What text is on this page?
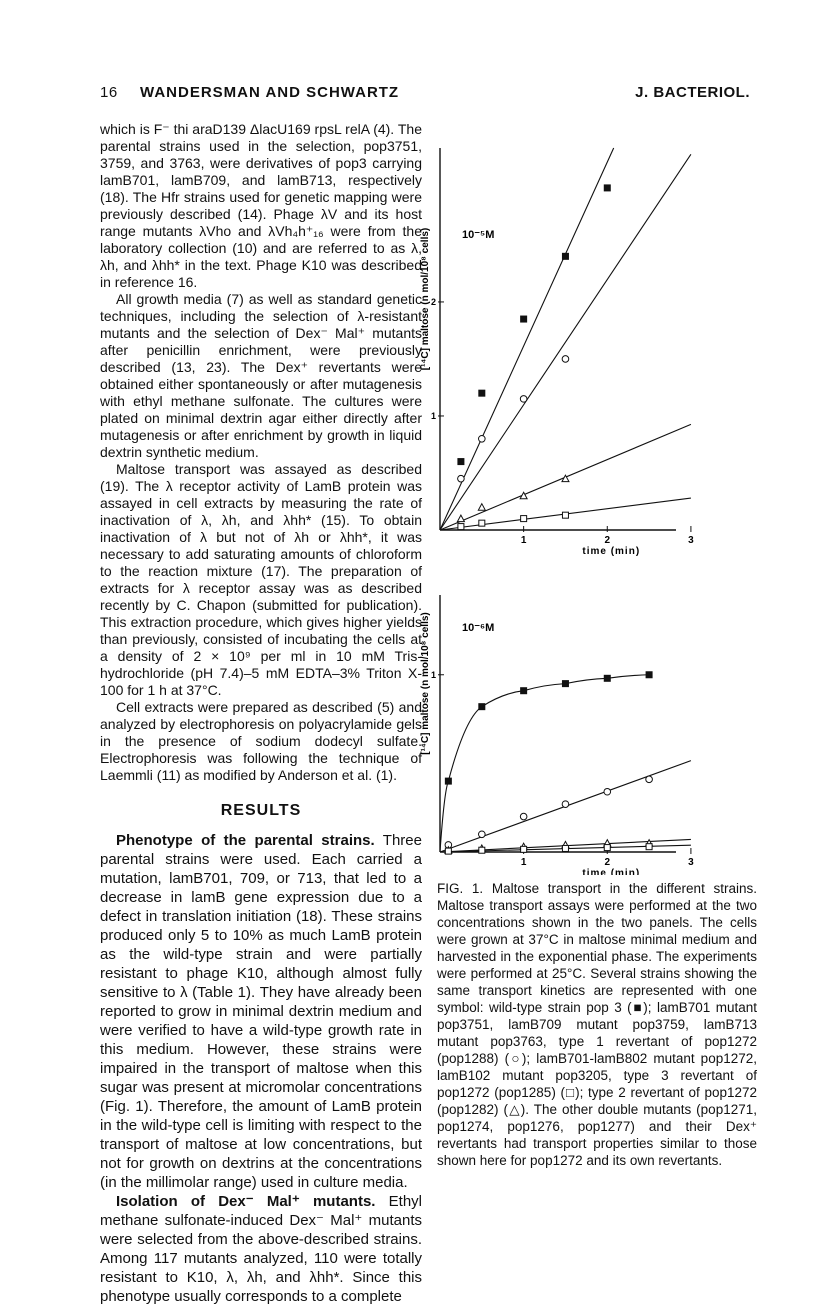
16 WANDERSMAN AND SCHWARTZ	J. BACTERIOL.

which is F⁻ thi araD139 ΔlacU169 rpsL relA (4). The parental strains used in the selection, pop3751, 3759, and 3763, were derivatives of pop3 carrying lamB701, lamB709, and lamB713, respectively (18). The Hfr strains used for genetic mapping were previously described (14). Phage λV and its host range mutants λVho and λVh₄h⁺₁₆ were from the laboratory collection (10) and are referred to as λ, λh, and λhh* in the text. Phage K10 was described in reference 16.

All growth media (7) as well as standard genetic techniques, including the selection of λ-resistant mutants and the selection of Dex⁻ Mal⁺ mutants after penicillin enrichment, were previously described (13, 23). The Dex⁺ revertants were obtained either spontaneously or after mutagenesis with ethyl methane sulfonate. The cultures were plated on minimal dextrin agar either directly after mutagenesis or after enrichment by growth in liquid dextrin synthetic medium.

Maltose transport was assayed as described (19). The λ receptor activity of LamB protein was assayed in cell extracts by measuring the rate of inactivation of λ, λh, and λhh* (15). To obtain inactivation of λ but not of λh or λhh*, it was necessary to add saturating amounts of chloroform to the reaction mixture (17). The preparation of extracts for λ receptor assay was as described recently by C. Chapon (submitted for publication). This extraction procedure, which gives higher yields than previously, consisted of incubating the cells at a density of 2 × 10⁹ per ml in 10 mM Tris-hydrochloride (pH 7.4)–5 mM EDTA–3% Triton X-100 for 1 h at 37°C.

Cell extracts were prepared as described (5) and analyzed by electrophoresis on polyacrylamide gels in the presence of sodium dodecyl sulfate. Electrophoresis was following the technique of Laemmli (11) as modified by Anderson et al. (1).

RESULTS

Phenotype of the parental strains. Three parental strains were used. Each carried a mutation, lamB701, 709, or 713, that led to a decrease in lamB gene expression due to a defect in translation initiation (18). These strains produced only 5 to 10% as much LamB protein as the wild-type strain and were partially resistant to phage K10, although almost fully sensitive to λ (Table 1). They have already been reported to grow in minimal dextrin medium and were verified to have a wild-type growth rate in this medium. However, these strains were impaired in the transport of maltose when this sugar was present at micromolar concentrations (Fig. 1). Therefore, the amount of LamB protein in the wild-type cell is limiting with respect to the transport of maltose at low concentrations, but not for growth on dextrins at the concentrations (in the millimolar range) used in culture media.

Isolation of Dex⁻ Mal⁺ mutants. Ethyl methane sulfonate-induced Dex⁻ Mal⁺ mutants were selected from the above-described strains. Among 117 mutants analyzed, 110 were totally resistant to K10, λ, λh, and λhh*. Since this phenotype usually corresponds to a complete

1	2	3
1
2
time (min)
[¹⁴C] maltose (n mol/10⁸ cells)	10⁻⁵M
1	2	3
1
time (min)
[¹⁴C] maltose (n mol/10⁸ cells)	10⁻⁶M

FIG. 1. Maltose transport in the different strains. Maltose transport assays were performed at the two concentrations shown in the two panels. The cells were grown at 37°C in maltose minimal medium and harvested in the exponential phase. The experiments were performed at 25°C. Several strains showing the same transport kinetics are represented with one symbol: wild-type strain pop 3 (■); lamB701 mutant pop3751, lamB709 mutant pop3759, lamB713 mutant pop3763, type 1 revertant of pop1272 (pop1288) (○); lamB701-lamB802 mutant pop1272, lamB102 mutant pop3205, type 3 revertant of pop1272 (pop1285) (□); type 2 revertant of pop1272 (pop1282) (△). The other double mutants (pop1271, pop1274, pop1276, pop1277) and their Dex⁺ revertants had transport properties similar to those shown here for pop1272 and its own revertants.
